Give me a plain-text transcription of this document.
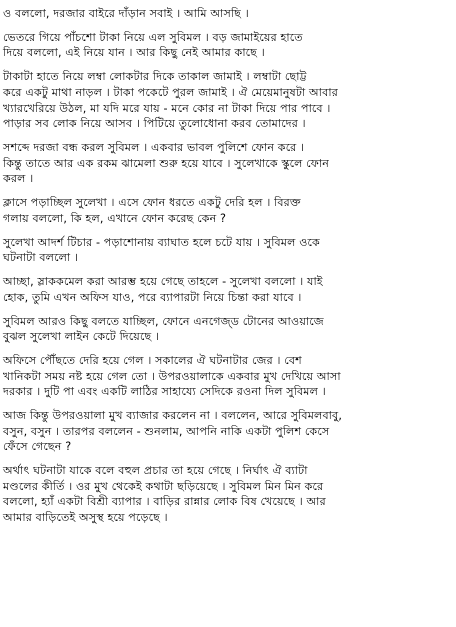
ও বললো, দরজার বাইরে দাঁড়ান সবাই । আমি আসছি ।

ভেতরে গিয়ে পাঁচশো টাকা নিয়ে এল সুবিমল । বড় জামাইয়ের হাতে
দিয়ে বললো, এই নিয়ে যান । আর কিছু নেই আমার কাছে ।

টাকাটা হাতে নিয়ে লম্বা লোকটার দিকে তাকাল জামাই । লম্বাটা ছোট্ট
করে একটু মাথা নাড়ল । টাকা পকেটে পুরল জামাই । ঐ মেয়েমানুষটা আবার
খ্যারখেরিয়ে উঠল, মা যদি মরে যায় - মনে কোর না টাকা দিয়ে পার পাবে ।
পাড়ার সব লোক নিয়ে আসব । পিটিয়ে তুলোধোনা করব তোমাদের ।

সশব্দে দরজা বন্ধ করল সুবিমল । একবার ভাবল পুলিশে ফোন করে ।
কিন্তু তাতে আর এক রকম ঝামেলা শুরু হয়ে যাবে । সুলেখাকে স্কুলে ফোন
করল ।

ক্লাসে পড়াচ্ছিল সুলেখা । এসে ফোন ধরতে একটু দেরি হল । বিরক্ত
গলায় বললো, কি হল, এখানে ফোন করেছ কেন ?

সুলেখা আদর্শ টিচার - পড়াশোনায় ব্যাঘাত হলে চটে যায় । সুবিমল ওকে
ঘটনাটা বললো ।

আচ্ছা, স্লাককমেল করা আরম্ভ হয়ে গেছে তাহলে - সুলেখা বললো । যাই
হোক, তুমি এখন অফিস যাও, পরে ব্যাপারটা নিয়ে চিন্তা করা যাবে ।

সুবিমল আরও কিছু বলতে যাচ্ছিল, ফোনে এনগেজ্ড টোনের আওয়াজে
বুঝল সুলেখা লাইন কেটে দিয়েছে ।

অফিসে পৌঁছতে দেরি হয়ে গেল । সকালের ঐ ঘটনাটার জের । বেশ
খানিকটা সময় নষ্ট হয়ে গেল তো । উপরওয়ালাকে একবার মুখ দেখিয়ে আসা
দরকার । দুটি পা এবং একটি লাঠির সাহায্যে সেদিকে রওনা দিল সুবিমল ।

আজ কিন্তু উপরওয়ালা মুখ ব্যাজার করলেন না । বললেন, আরে সুবিমলবাবু,
বসুন, বসুন । তারপর বললেন - শুনলাম, আপনি নাকি একটা পুলিশ কেসে
ফেঁসে গেছেন ?

অর্থাৎ ঘটনাটা যাকে বলে বহুল প্রচার তা হয়ে গেছে । নির্ঘাৎ ঐ ব্যাটা
মণ্ডলের কীর্তি । ওর মুখ থেকেই কথাটা ছড়িয়েছে । সুবিমল মিন মিন করে
বললো, হ্যাঁ একটা বিশ্রী ব্যাপার । বাড়ির রান্নার লোক বিষ খেয়েছে । আর
আমার বাড়িতেই অসুস্থ হয়ে পড়েছে ।
